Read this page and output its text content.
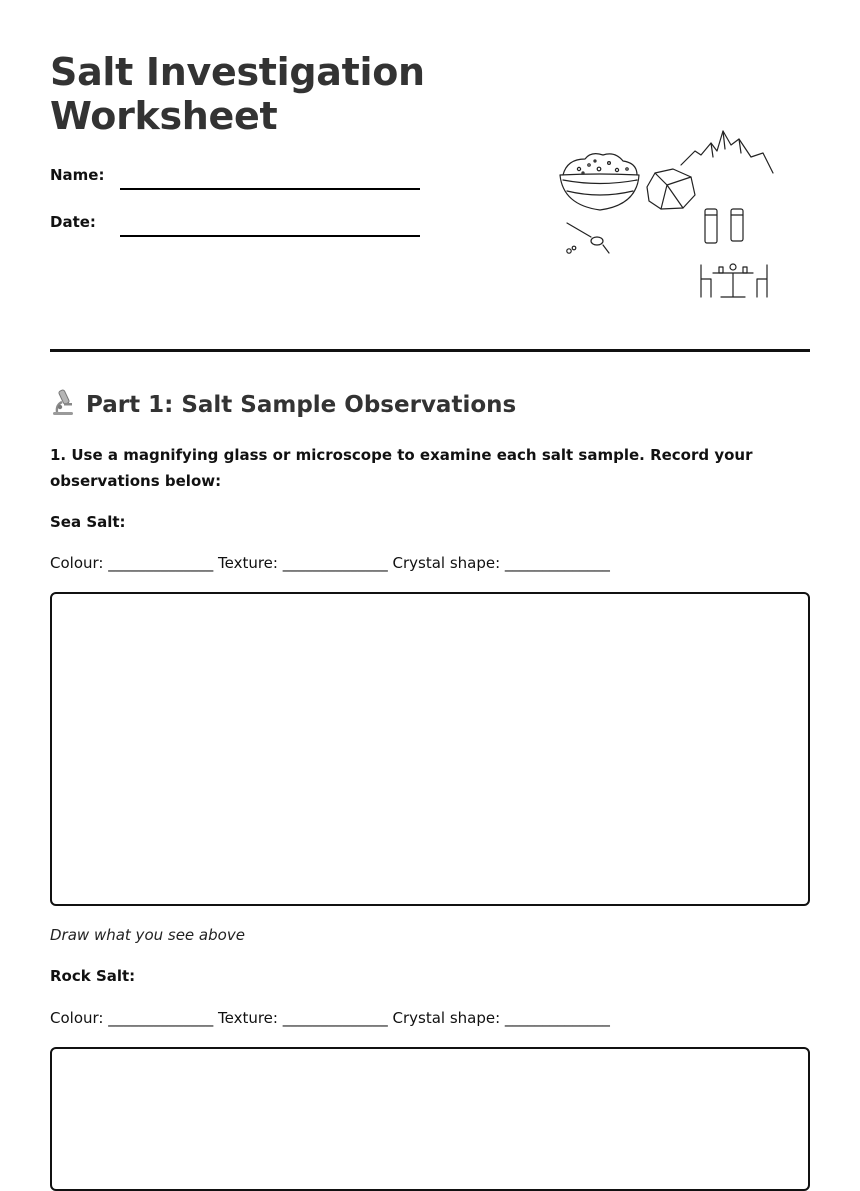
Salt Investigation Worksheet
Name:
Date:
Part 1: Salt Sample Observations
1. Use a magnifying glass or microscope to examine each salt sample. Record your observations below:
Sea Salt:
Colour: ______________ Texture: ______________ Crystal shape: ______________
Draw what you see above
Rock Salt:
Colour: ______________ Texture: ______________ Crystal shape: ______________
